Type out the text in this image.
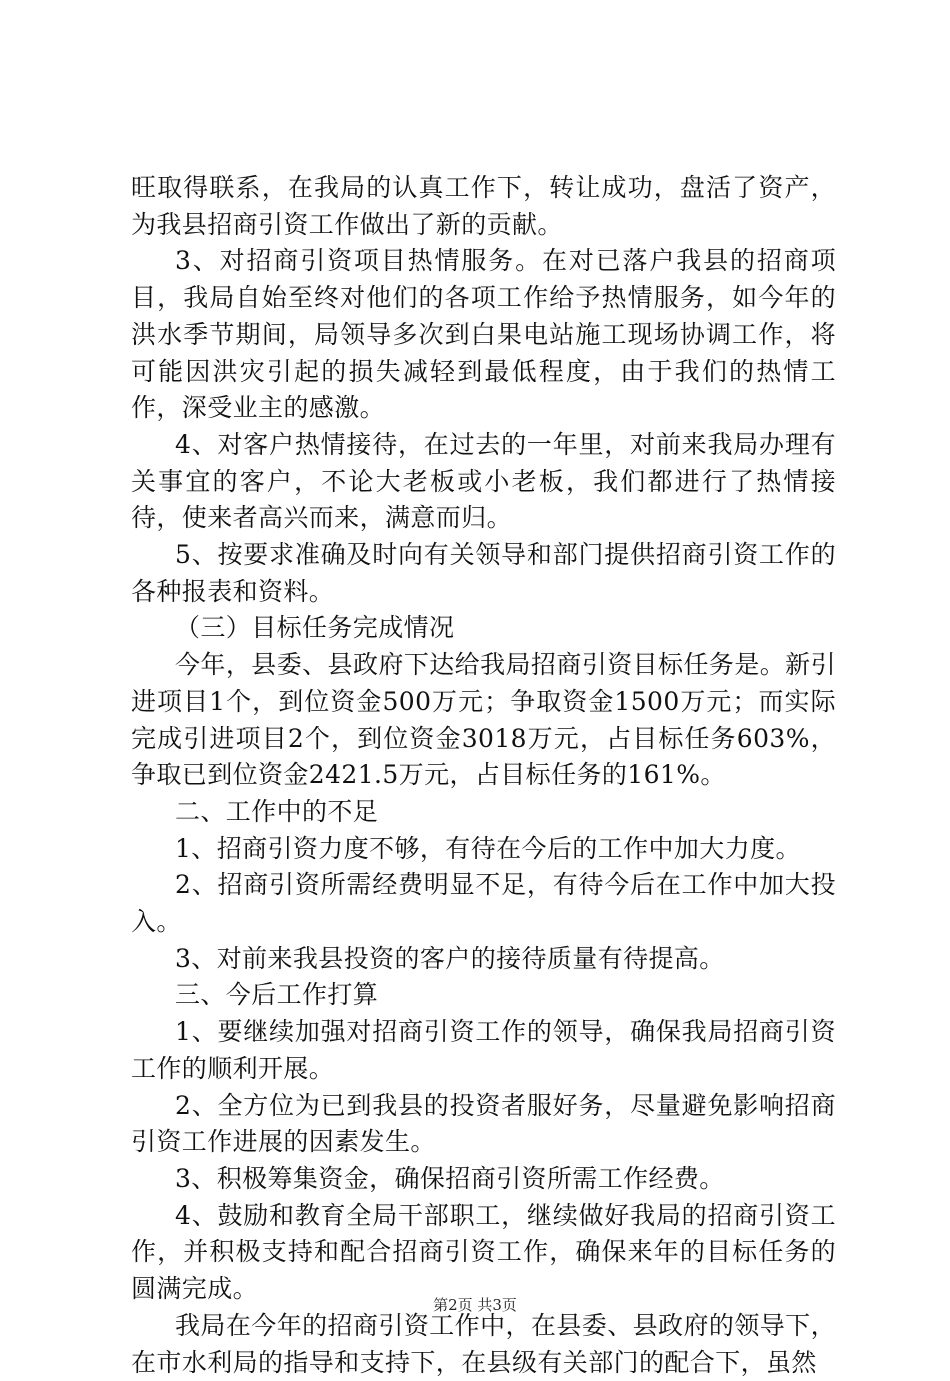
旺取得联系，在我局的认真工作下，转让成功，盘活了资产，为我县招商引资工作做出了新的贡献。

3、对招商引资项目热情服务。在对已落户我县的招商项目，我局自始至终对他们的各项工作给予热情服务，如今年的洪水季节期间，局领导多次到白果电站施工现场协调工作，将可能因洪灾引起的损失减轻到最低程度，由于我们的热情工作，深受业主的感激。

4、对客户热情接待，在过去的一年里，对前来我局办理有关事宜的客户，不论大老板或小老板，我们都进行了热情接待，使来者高兴而来，满意而归。

5、按要求准确及时向有关领导和部门提供招商引资工作的各种报表和资料。

（三）目标任务完成情况

今年，县委、县政府下达给我局招商引资目标任务是。新引进项目1个，到位资金500万元；争取资金1500万元；而实际完成引进项目2个，到位资金3018万元，占目标任务603%，争取已到位资金2421.5万元，占目标任务的161%。

二、工作中的不足

1、招商引资力度不够，有待在今后的工作中加大力度。

2、招商引资所需经费明显不足，有待今后在工作中加大投入。

3、对前来我县投资的客户的接待质量有待提高。

三、今后工作打算

1、要继续加强对招商引资工作的领导，确保我局招商引资工作的顺利开展。

2、全方位为已到我县的投资者服好务，尽量避免影响招商引资工作进展的因素发生。

3、积极筹集资金，确保招商引资所需工作经费。

4、鼓励和教育全局干部职工，继续做好我局的招商引资工作，并积极支持和配合招商引资工作，确保来年的目标任务的圆满完成。

我局在今年的招商引资工作中，在县委、县政府的领导下，在市水利局的指导和支持下，在县级有关部门的配合下，虽然

第2页 共3页
